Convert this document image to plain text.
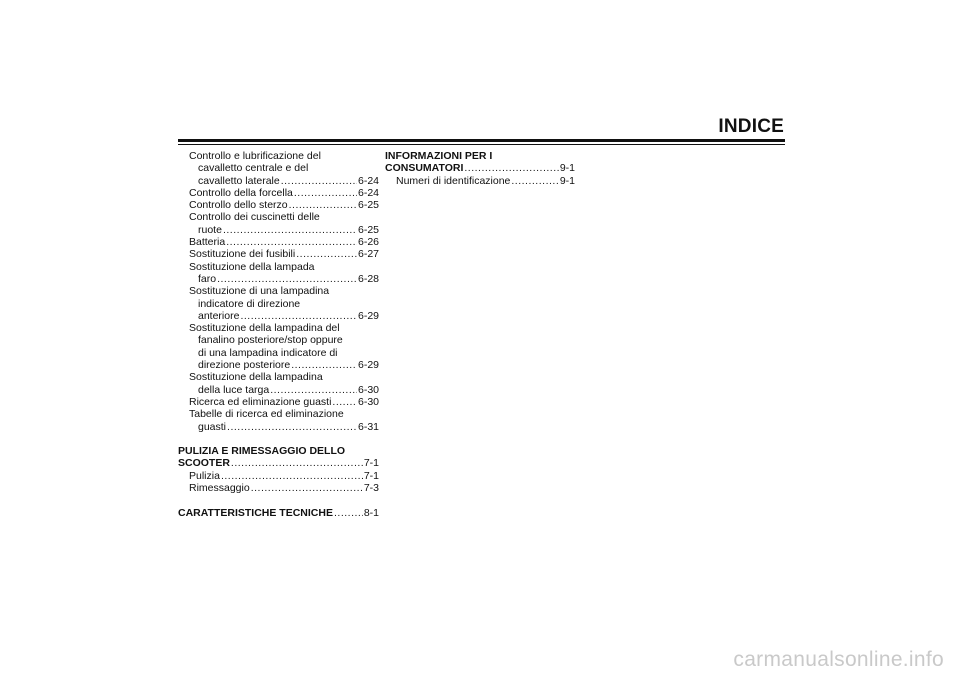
INDICE
Controllo e lubrificazione del
cavalletto centrale e del
cavalletto laterale .....	6-24
Controllo della forcella .....	6-24
Controllo dello sterzo .....	6-25
Controllo dei cuscinetti delle
ruote .....	6-25
Batteria .....	6-26
Sostituzione dei fusibili .....	6-27
Sostituzione della lampada
faro .....	6-28
Sostituzione di una lampadina
indicatore di direzione
anteriore .....	6-29
Sostituzione della lampadina del
fanalino posteriore/stop oppure
di una lampadina indicatore di
direzione posteriore .....	6-29
Sostituzione della lampadina
della luce targa .....	6-30
Ricerca ed eliminazione guasti .....	6-30
Tabelle di ricerca ed eliminazione
guasti .....	6-31
PULIZIA E RIMESSAGGIO DELLO
SCOOTER .....	7-1
Pulizia .....	7-1
Rimessaggio .....	7-3
CARATTERISTICHE TECNICHE .....	8-1
INFORMAZIONI PER I
CONSUMATORI .....	9-1
Numeri di identificazione .....	9-1
carmanualsonline.info
